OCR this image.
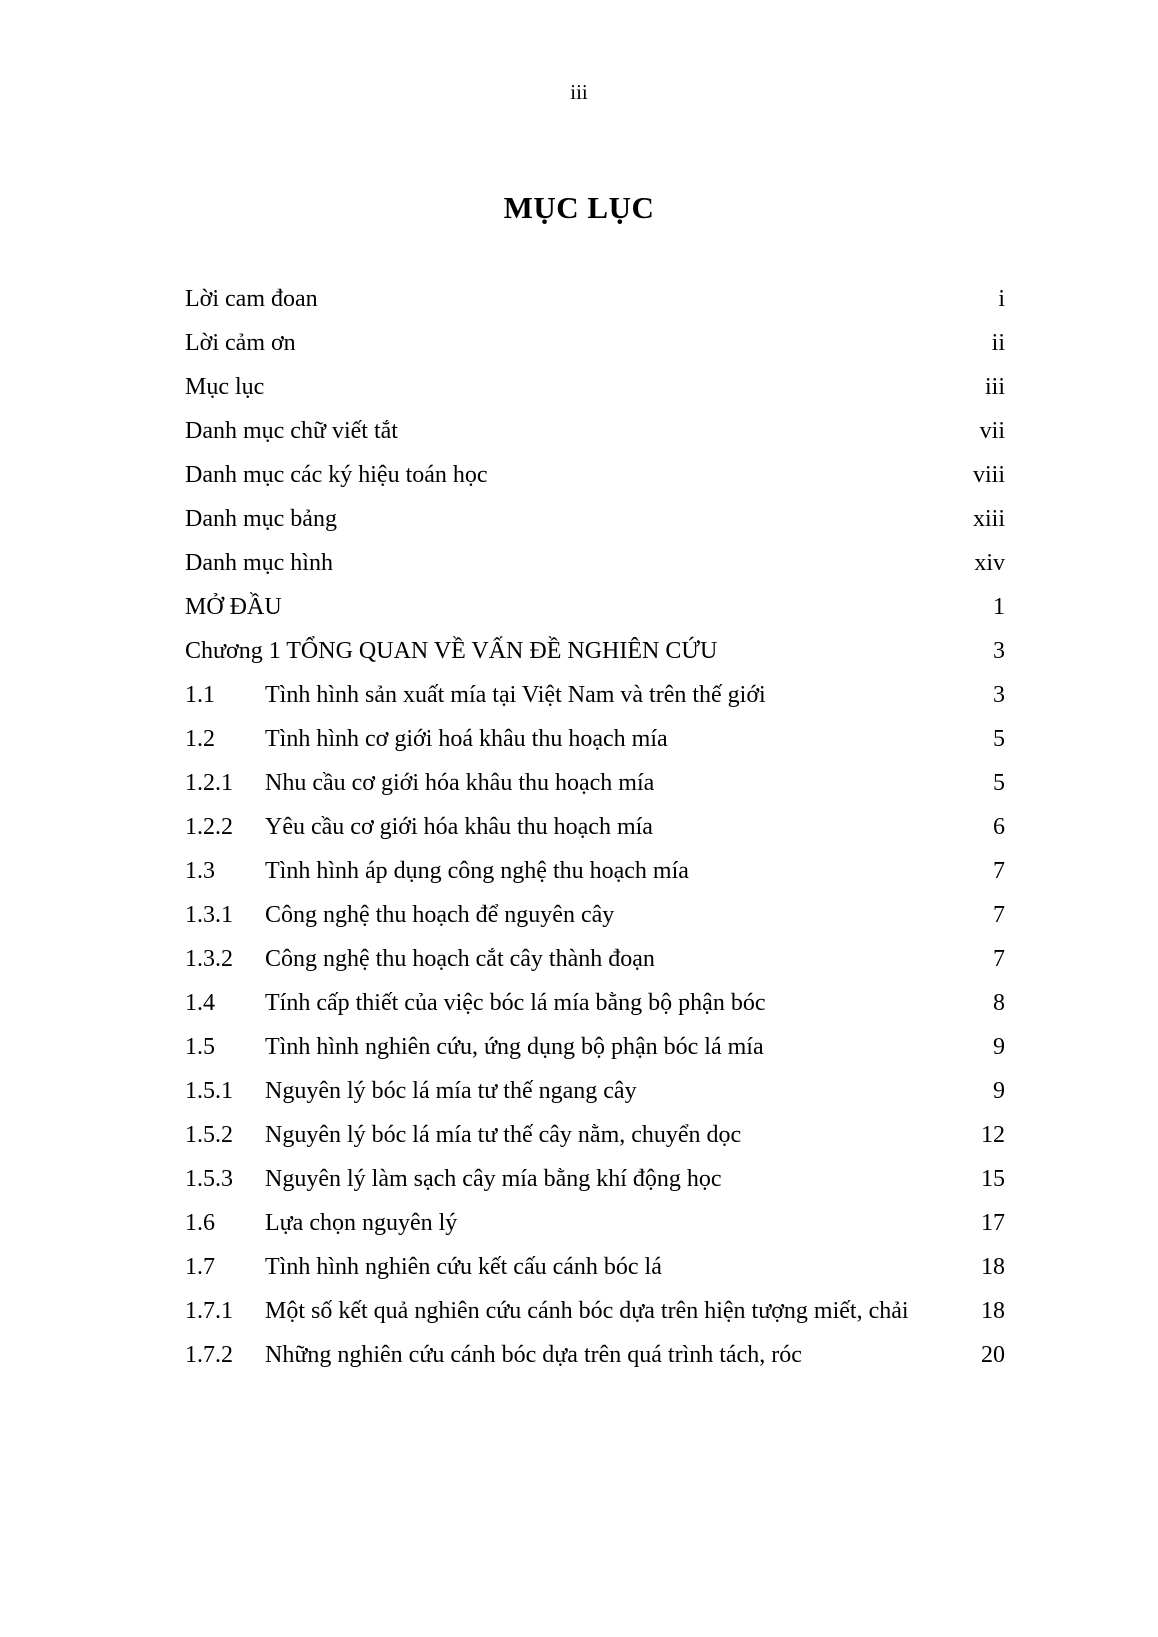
iii

MỤC LỤC
Lời cam đoan	i
Lời cảm ơn	ii
Mục lục	iii
Danh mục chữ viết tắt	vii
Danh mục các ký hiệu toán học	viii
Danh mục bảng	xiii
Danh mục hình	xiv
MỞ ĐẦU	1
Chương 1 TỔNG QUAN VỀ VẤN ĐỀ NGHIÊN CỨU	3
1.1	Tình hình sản xuất mía tại Việt Nam và trên thế giới	3
1.2	Tình hình cơ giới hoá khâu thu hoạch mía	5
1.2.1	Nhu cầu cơ giới hóa khâu thu hoạch mía	5
1.2.2	Yêu cầu cơ giới hóa khâu thu hoạch mía	6
1.3	Tình hình áp dụng công nghệ thu hoạch mía	7
1.3.1	Công nghệ thu hoạch để nguyên cây	7
1.3.2	Công nghệ thu hoạch cắt cây thành đoạn	7
1.4	Tính cấp thiết của việc bóc lá mía bằng bộ phận bóc	8
1.5	Tình hình nghiên cứu, ứng dụng bộ phận bóc lá mía	9
1.5.1	Nguyên lý bóc lá mía tư thế ngang cây	9
1.5.2	Nguyên lý bóc lá mía tư thế cây nằm, chuyển dọc	12
1.5.3	Nguyên lý làm sạch cây mía bằng khí động học	15
1.6	Lựa chọn nguyên lý	17
1.7	Tình hình nghiên cứu kết cấu cánh bóc lá	18
1.7.1	Một số kết quả nghiên cứu cánh bóc dựa trên hiện tượng miết, chải	18
1.7.2	Những nghiên cứu cánh bóc dựa trên quá trình tách, róc	20
